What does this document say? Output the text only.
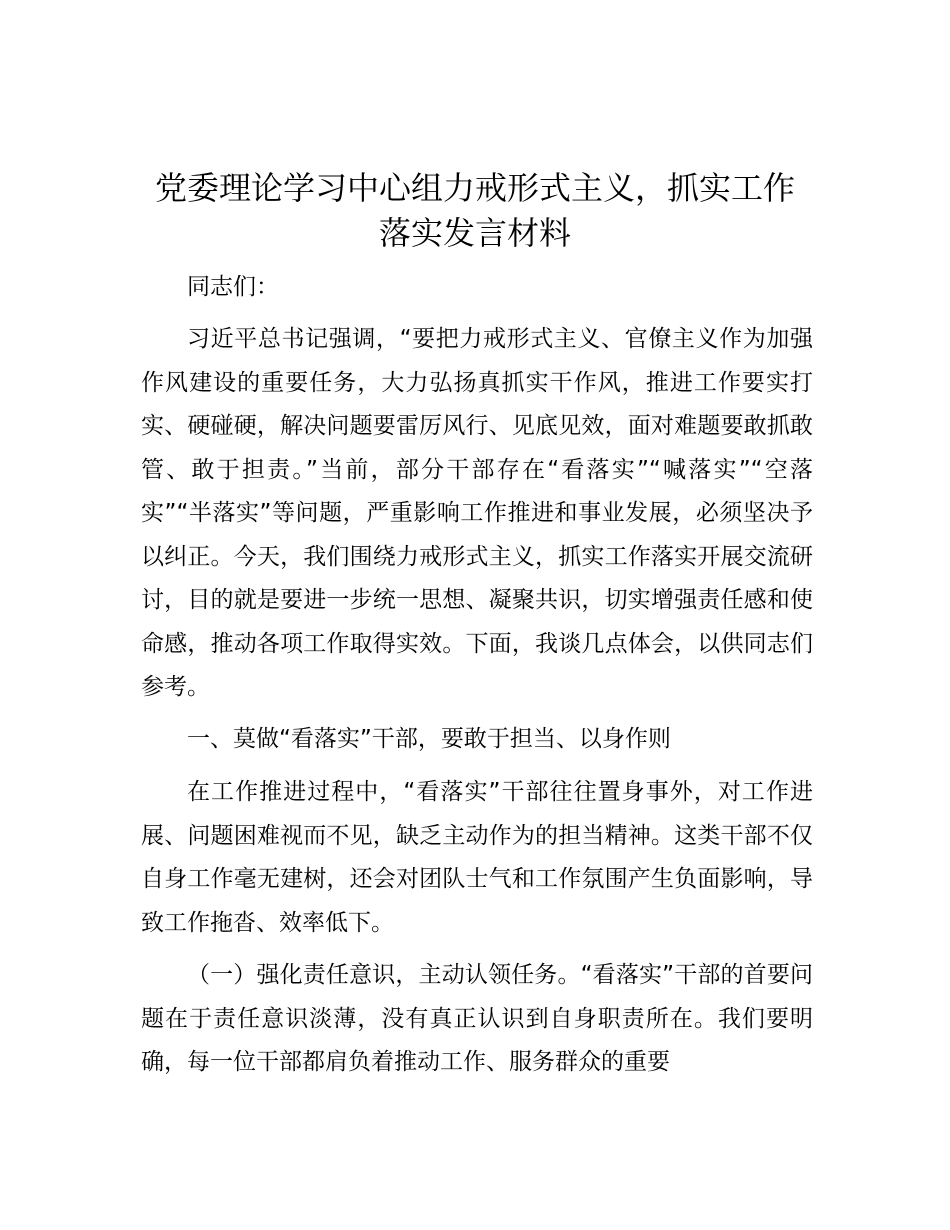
党委理论学习中心组力戒形式主义，抓实工作
落实发言材料

同志们：

习近平总书记强调，“要把力戒形式主义、官僚主义作为加强作风建设的重要任务，大力弘扬真抓实干作风，推进工作要实打实、硬碰硬，解决问题要雷厉风行、见底见效，面对难题要敢抓敢管、敢于担责。”当前，部分干部存在“看落实”“喊落实”“空落实”“半落实”等问题，严重影响工作推进和事业发展，必须坚决予以纠正。今天，我们围绕力戒形式主义，抓实工作落实开展交流研讨，目的就是要进一步统一思想、凝聚共识，切实增强责任感和使命感，推动各项工作取得实效。下面，我谈几点体会，以供同志们参考。

一、莫做“看落实”干部，要敢于担当、以身作则

在工作推进过程中，“看落实”干部往往置身事外，对工作进展、问题困难视而不见，缺乏主动作为的担当精神。这类干部不仅自身工作毫无建树，还会对团队士气和工作氛围产生负面影响，导致工作拖沓、效率低下。

（一）强化责任意识，主动认领任务。“看落实”干部的首要问题在于责任意识淡薄，没有真正认识到自身职责所在。我们要明确，每一位干部都肩负着推动工作、服务群众的重要
